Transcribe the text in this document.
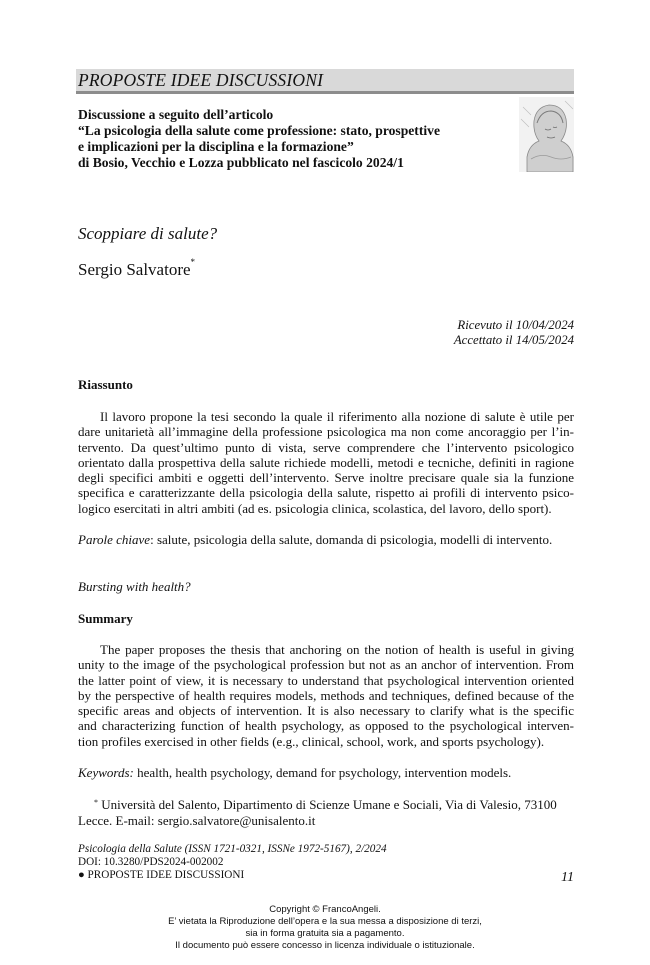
PROPOSTE IDEE DISCUSSIONI
Discussione a seguito dell’articolo
“La psicologia della salute come professione: stato, prospettive
e implicazioni per la disciplina e la formazione”
di Bosio, Vecchio e Lozza pubblicato nel fascicolo 2024/1
Scoppiare di salute?
Sergio Salvatore*
Ricevuto il 10/04/2024
Accettato il 14/05/2024
Riassunto
Il lavoro propone la tesi secondo la quale il riferimento alla nozione di salute è utile per
dare unitarietà all’immagine della professione psicologica ma non come ancoraggio per l’in-
tervento. Da quest’ultimo punto di vista, serve comprendere che l’intervento psicologico
orientato dalla prospettiva della salute richiede modelli, metodi e tecniche, definiti in ragione
degli specifici ambiti e oggetti dell’intervento. Serve inoltre precisare quale sia la funzione
specifica e caratterizzante della psicologia della salute, rispetto ai profili di intervento psico-
logico esercitati in altri ambiti (ad es. psicologia clinica, scolastica, del lavoro, dello sport).
Parole chiave: salute, psicologia della salute, domanda di psicologia, modelli di intervento.
Bursting with health?
Summary
The paper proposes the thesis that anchoring on the notion of health is useful in giving
unity to the image of the psychological profession but not as an anchor of intervention. From
the latter point of view, it is necessary to understand that psychological intervention oriented
by the perspective of health requires models, methods and techniques, defined because of the
specific areas and objects of intervention. It is also necessary to clarify what is the specific
and characterizing function of health psychology, as opposed to the psychological interven-
tion profiles exercised in other fields (e.g., clinical, school, work, and sports psychology).
Keywords: health, health psychology, demand for psychology, intervention models.
* Università del Salento, Dipartimento di Scienze Umane e Sociali, Via di Valesio, 73100
Lecce. E-mail: sergio.salvatore@unisalento.it
Psicologia della Salute (ISSN 1721-0321, ISSNe 1972-5167), 2/2024
DOI: 10.3280/PDS2024-002002
● PROPOSTE IDEE DISCUSSIONI	11
Copyright © FrancoAngeli.
E’ vietata la Riproduzione dell’opera e la sua messa a disposizione di terzi,
sia in forma gratuita sia a pagamento.
Il documento può essere concesso in licenza individuale o istituzionale.
